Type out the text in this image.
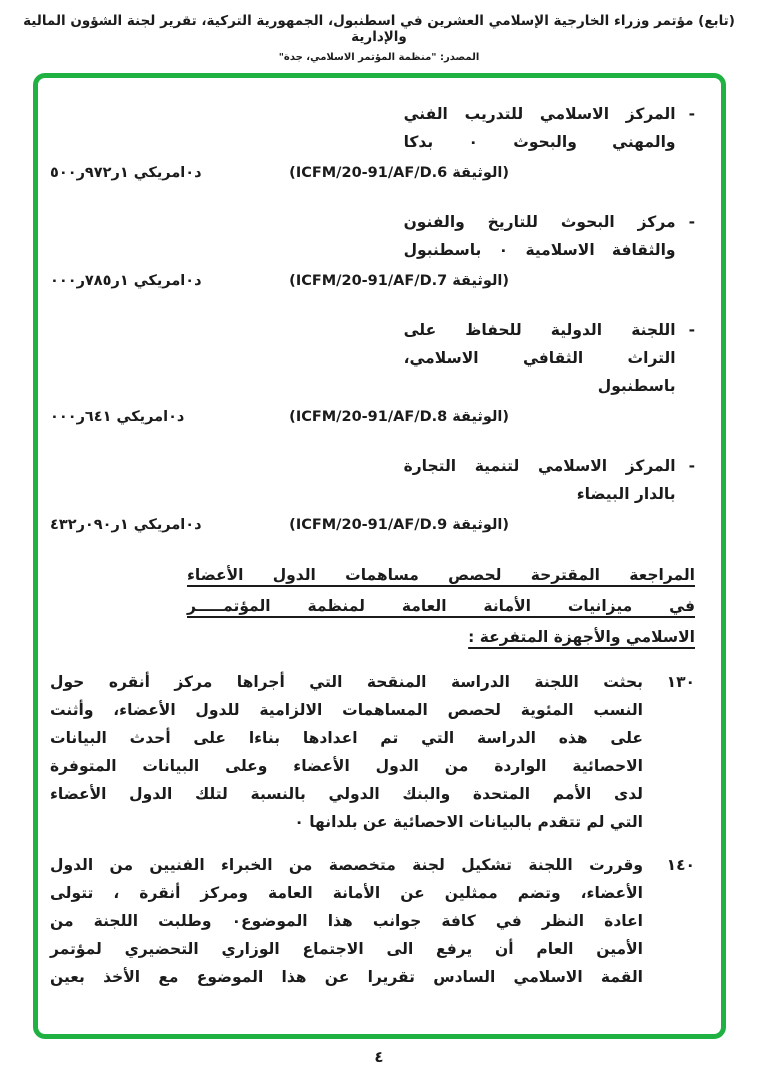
(تابع) مؤتمر وزراء الخارجية الإسلامي العشرين في اسطنبول، الجمهورية التركية، تقرير لجنة الشؤون المالية والإدارية
المصدر: "منظمة المؤتمر الاسلامي، جدة"
-
المركز الاسلامي للتدريب الفني
والمهني والبحوث ٠ بدكا
(الوثيقة ICFM/20-91/AF/D.6)
د٠امريكي ١ر٩٧٢ر٥٠٠
-
مركز البحوث للتاريخ والفنون
والثقافة الاسلامية ٠ باسطنبول
(الوثيقة ICFM/20-91/AF/D.7)
د٠امريكي ١ر٧٨٥ر٠٠٠
-
اللجنة الدولية للحفاظ على
التراث الثقافي الاسلامي، باسطنبول
(الوثيقة ICFM/20-91/AF/D.8)
د٠امريكي ٦٤١ر٠٠٠
-
المركز الاسلامي لتنمية التجارة
بالدار البيضاء
(الوثيقة ICFM/20-91/AF/D.9)
د٠امريكي ١ر٠٩٠ر٤٣٢
المراجعة المقترحة لحصص مساهمات الدول الأعضاء
في ميزانيات الأمانة العامة لمنظمة المؤتمـــــر
الاسلامي والأجهزة المتفرعة :
١٣٠
بحثت اللجنة الدراسة المنقحة التي أجراها مركز أنقره حول
النسب المئوية لحصص المساهمات الالزامية للدول الأعضاء، وأثنت
على هذه الدراسة التي تم اعدادها بناءا على أحدث البيانات
الاحصائية الواردة من الدول الأعضاء وعلى البيانات المتوفرة
لدى الأمم المتحدة والبنك الدولي بالنسبة لتلك الدول الأعضاء
التي لم تتقدم بالبيانات الاحصائية عن بلدانها ٠
١٤٠
وقررت اللجنة تشكيل لجنة متخصصة من الخبراء الفنيين من الدول
الأعضاء، وتضم ممثلين عن الأمانة العامة ومركز أنقرة ، تتولى
اعادة النظر في كافة جوانب هذا الموضوع٠ وطلبت اللجنة من
الأمين العام أن يرفع الى الاجتماع الوزاري التحضيري لمؤتمر
القمة الاسلامي السادس تقريرا عن هذا الموضوع مع الأخذ بعين
٤
